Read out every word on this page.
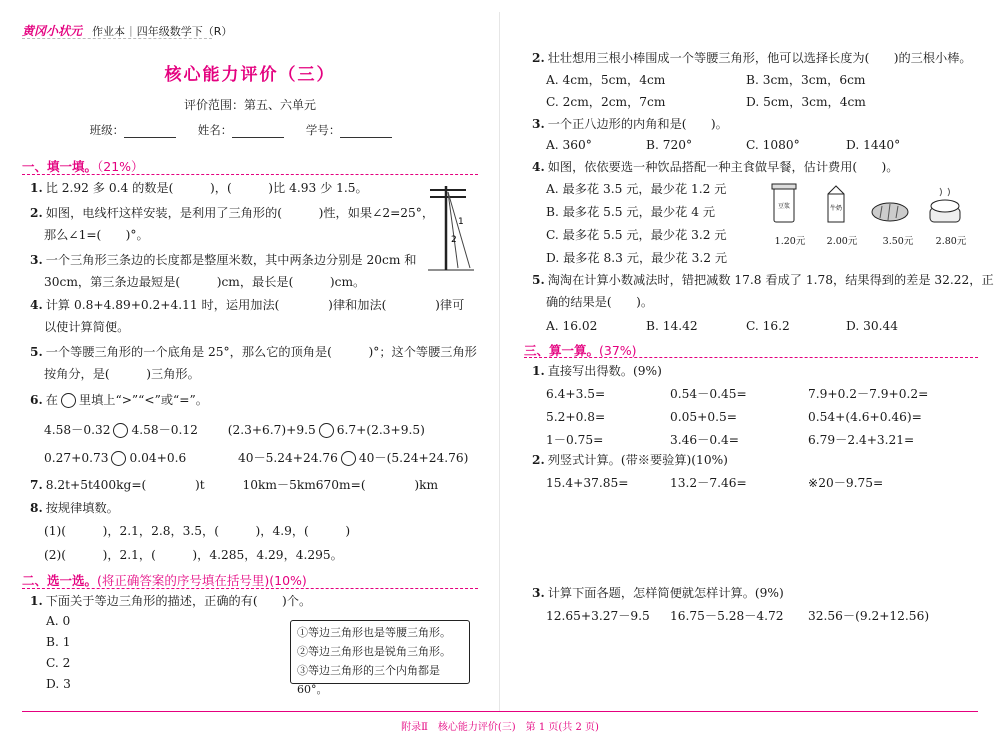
黄冈小状元 作业本 | 四年级数学下（R）
核心能力评价（三）
评价范围：第五、六单元
班级：	姓名：	学号：
一、填一填。（21%）
1. 比 2.92 多 0.4 的数是(　　　)，(　　　)比 4.93 少 1.5。
2. 如图，电线杆这样安装，是利用了三角形的(　　　)性，如果∠2=25°，
那么∠1=(　　)°。
1
2
3. 一个三角形三条边的长度都是整厘米数，其中两条边分别是 20cm 和
30cm，第三条边最短是(　　　)cm，最长是(　　　)cm。
4. 计算 0.8+4.89+0.2+4.11 时，运用加法(　　　　)律和加法(　　　　)律可
以使计算简便。
5. 一个等腰三角形的一个底角是 25°，那么它的顶角是(　　　)°；这个等腰三角形
按角分，是(　　　)三角形。
6. 在 里填上“>”“<”或“=”。
4.58－0.32 4.58－0.12 (2.3+6.7)+9.5 6.7+(2.3+9.5)
0.27+0.73 0.04+0.6	40－5.24+24.76 40－(5.24+24.76)
7. 8.2t+5t400kg=(　　　　)t	10km－5km670m=(　　　　)km
8. 按规律填数。
(1)(　　　)，2.1，2.8，3.5，(　　　)，4.9，(　　　)
(2)(　　　)，2.1，(　　　)，4.285，4.29，4.295。
二、选一选。(将正确答案的序号填在括号里)(10%)
1. 下面关于等边三角形的描述，正确的有(　　)个。
A. 0
B. 1
C. 2
D. 3
①等边三角形也是等腰三角形。
②等边三角形也是锐角三角形。
③等边三角形的三个内角都是 60°。
2. 壮壮想用三根小棒围成一个等腰三角形，他可以选择长度为(　　)的三根小棒。
A. 4cm，5cm，4cm	B. 3cm，3cm，6cm
C. 2cm，2cm，7cm	D. 5cm，3cm，4cm
3. 一个正八边形的内角和是(　　)。
A. 360°	B. 720°	C. 1080°	D. 1440°
4. 如图，依依要选一种饮品搭配一种主食做早餐，估计费用(　　)。
A. 最多花 3.5 元，最少花 1.2 元
B. 最多花 5.5 元，最少花 4 元
C. 最多花 5.5 元，最少花 3.2 元
D. 最多花 8.3 元，最少花 3.2 元
豆浆	牛奶
1.20元	2.00元	3.50元	2.80元
5. 淘淘在计算小数减法时，错把减数 17.8 看成了 1.78，结果得到的差是 32.22，正
确的结果是(　　)。
A. 16.02	B. 14.42	C. 16.2	D. 30.44
三、算一算。(37%)
1. 直接写出得数。(9%)
6.4+3.5=	0.54－0.45=	7.9+0.2－7.9+0.2=
5.2+0.8=	0.05+0.5=	0.54+(4.6+0.46)=
1－0.75=	3.46－0.4=	6.79－2.4+3.21=
2. 列竖式计算。(带※要验算)(10%)
15.4+37.85=	13.2－7.46=	※20－9.75=
3. 计算下面各题，怎样简便就怎样计算。(9%)
12.65+3.27－9.5	16.75－5.28－4.72	32.56－(9.2+12.56)
附录Ⅱ　核心能力评价(三)　第 1 页(共 2 页)
